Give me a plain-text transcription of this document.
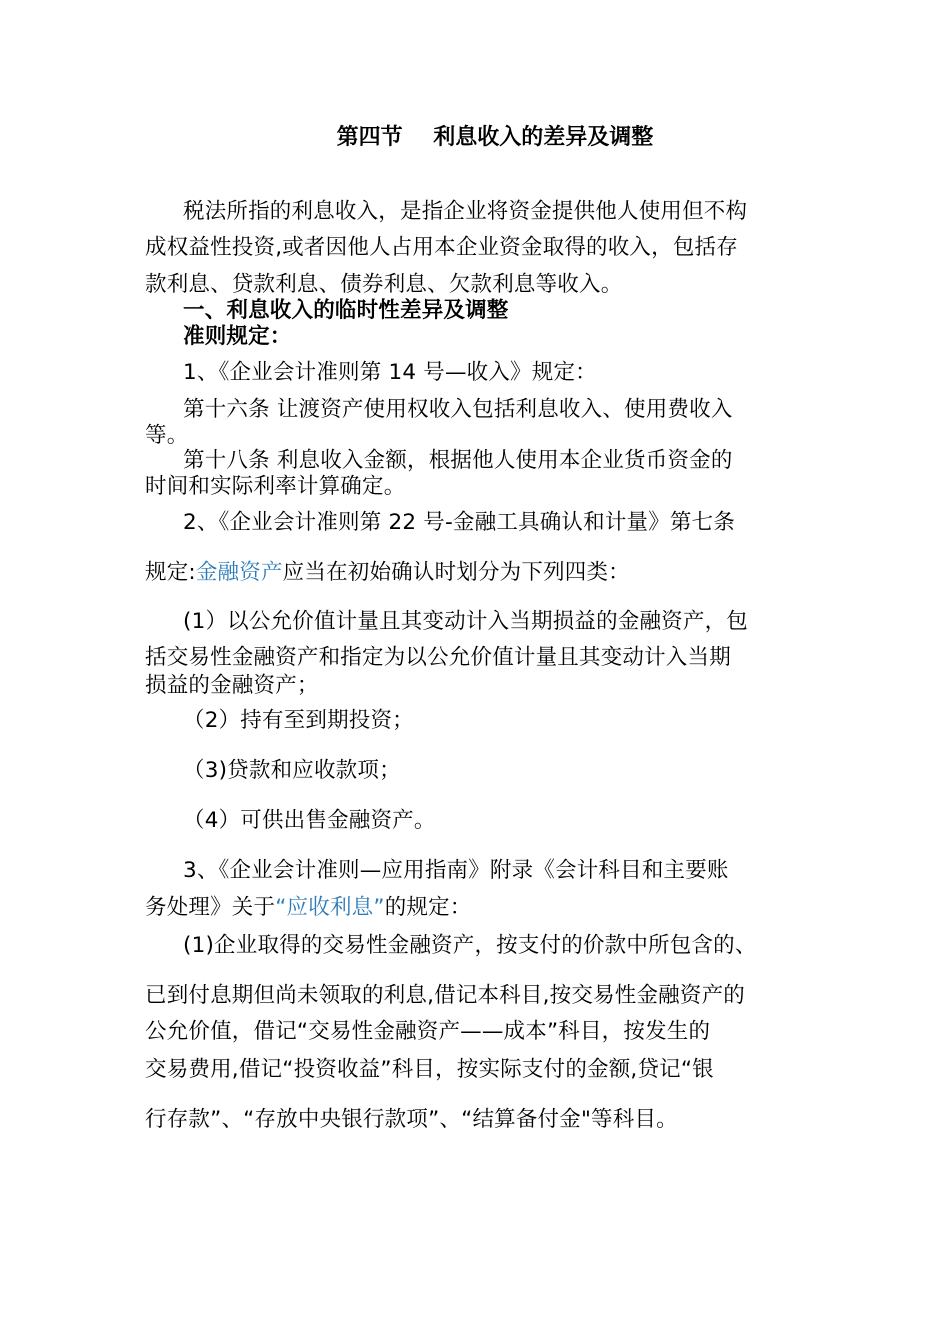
第四节    利息收入的差异及调整
税法所指的利息收入，是指企业将资金提供他人使用但不构
成权益性投资,或者因他人占用本企业资金取得的收入，包括存
款利息、贷款利息、债券利息、欠款利息等收入。
一、利息收入的临时性差异及调整
准则规定：
1、《企业会计准则第 14 号—收入》规定：
第十六条 让渡资产使用权收入包括利息收入、使用费收入
等。
第十八条 利息收入金额，根据他人使用本企业货币资金的
时间和实际利率计算确定。
2、《企业会计准则第 22 号-金融工具确认和计量》第七条
规定:金融资产应当在初始确认时划分为下列四类：
(1）以公允价值计量且其变动计入当期损益的金融资产，包
括交易性金融资产和指定为以公允价值计量且其变动计入当期
损益的金融资产；
（2）持有至到期投资；
（3)贷款和应收款项；
（4）可供出售金融资产。
3、《企业会计准则—应用指南》附录《会计科目和主要账
务处理》关于“应收利息”的规定：
(1)企业取得的交易性金融资产，按支付的价款中所包含的、
已到付息期但尚未领取的利息,借记本科目,按交易性金融资产的
公允价值，借记“交易性金融资产——成本”科目，按发生的
交易费用,借记“投资收益”科目，按实际支付的金额,贷记“银
行存款”、“存放中央银行款项”、“结算备付金"等科目。
